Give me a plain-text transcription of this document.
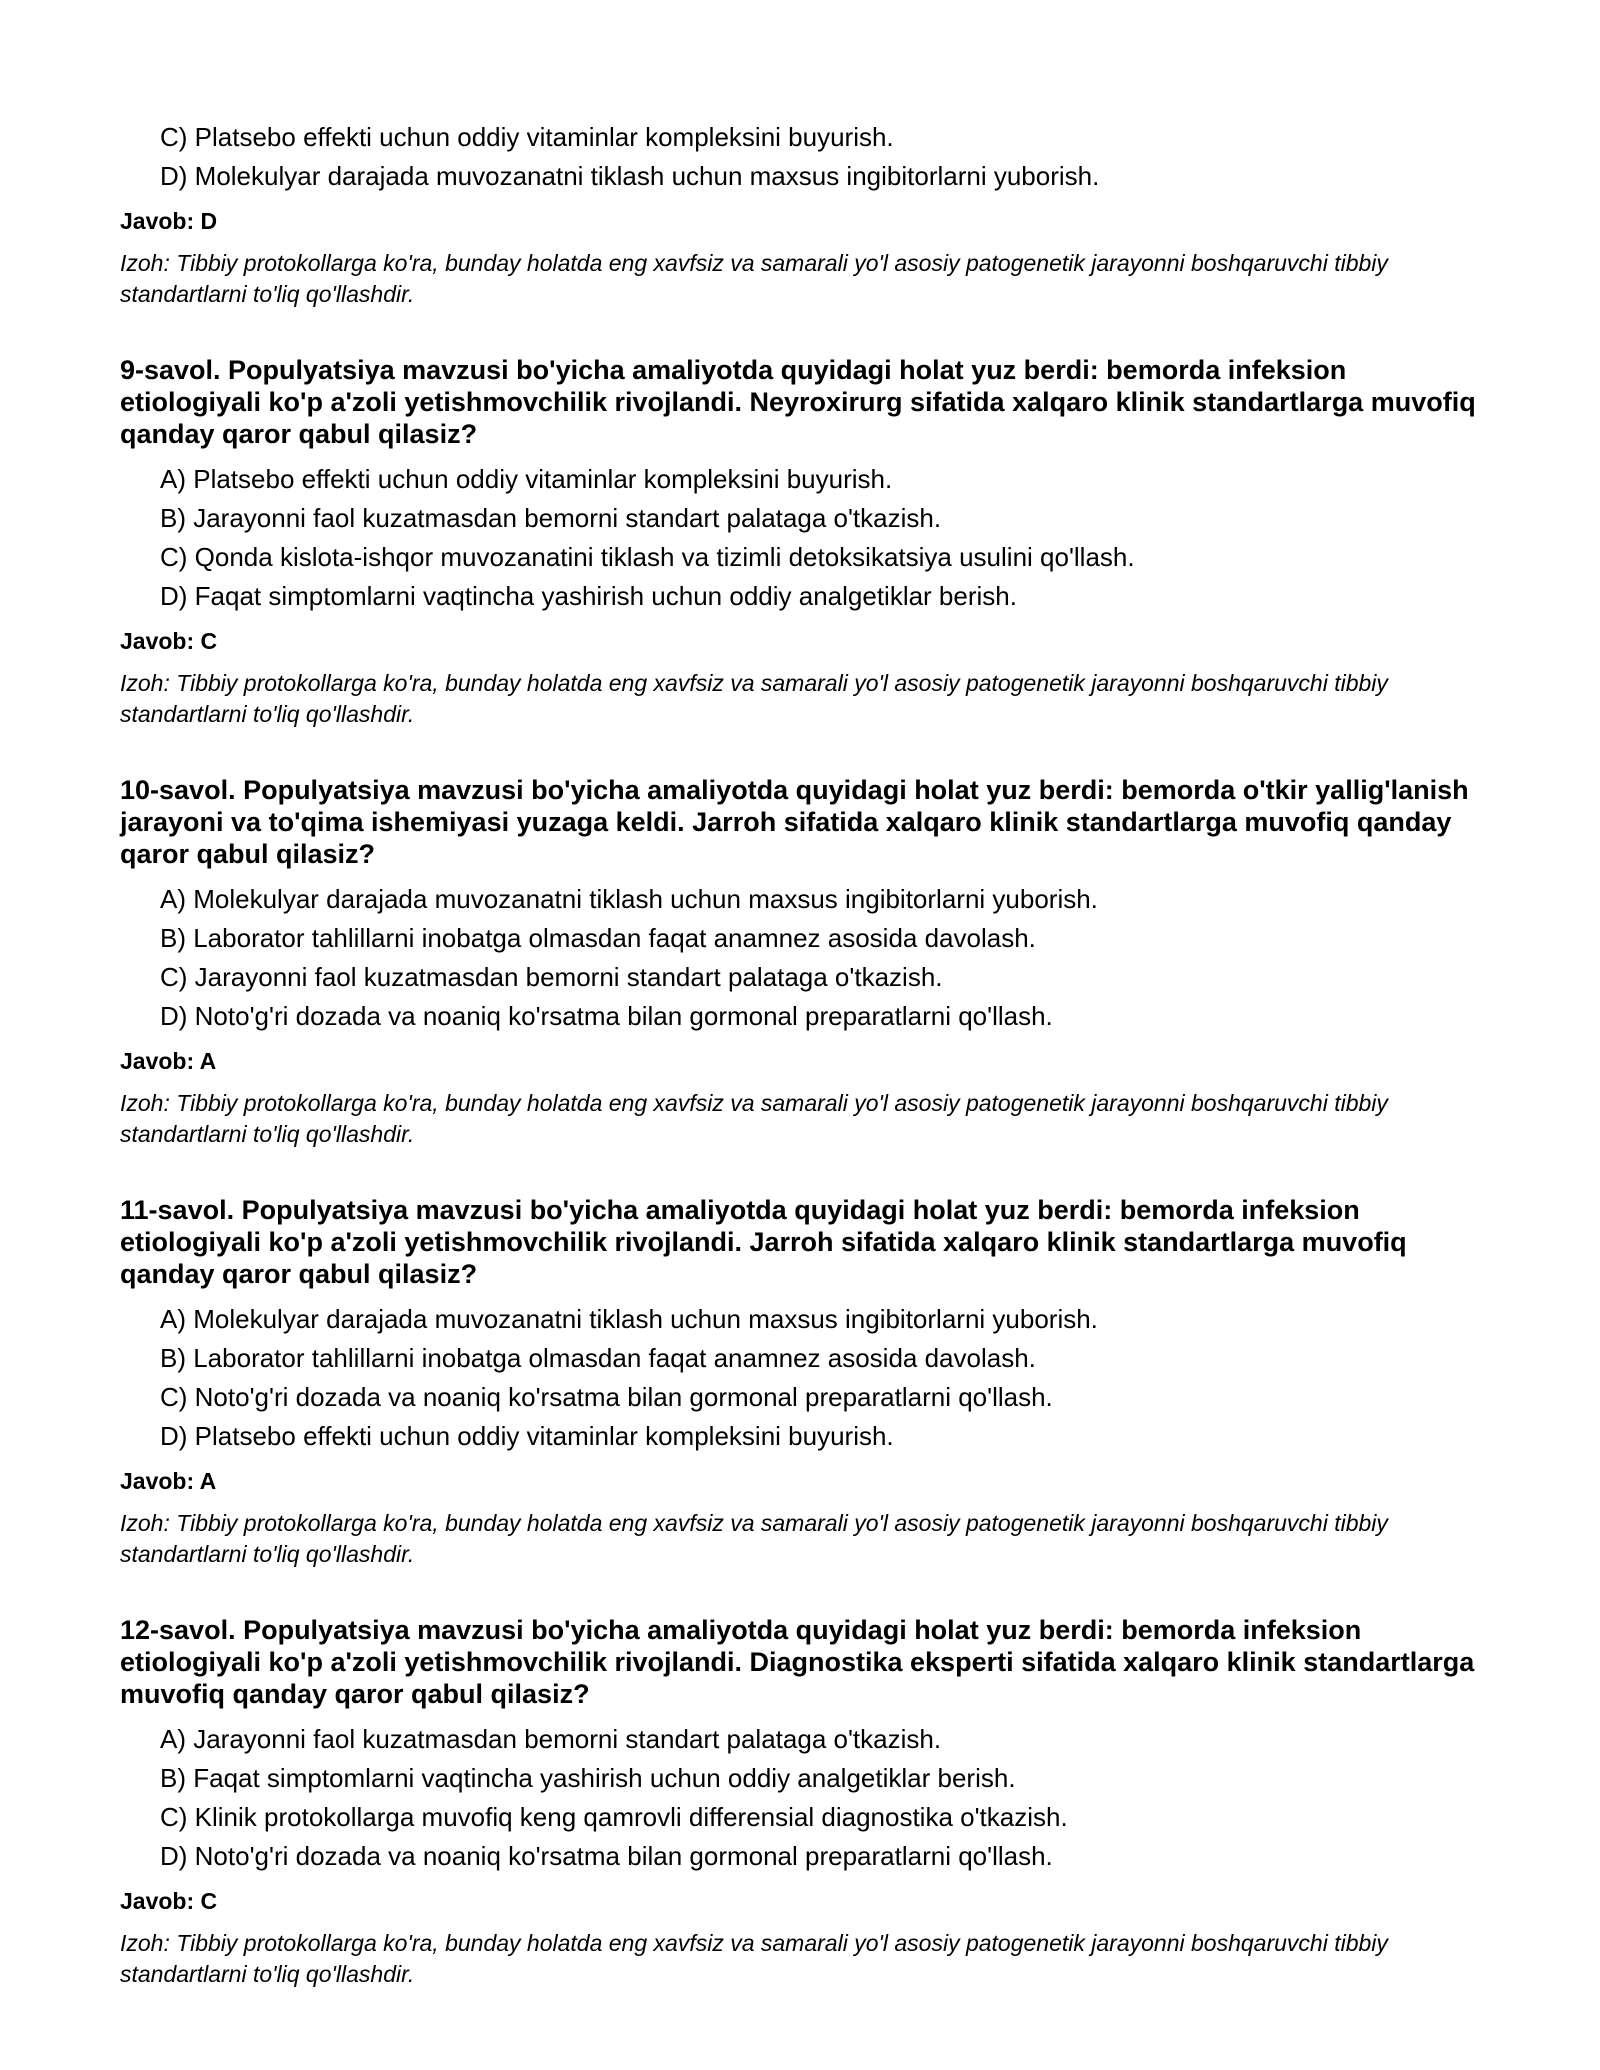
C) Platsebo effekti uchun oddiy vitaminlar kompleksini buyurish.
D) Molekulyar darajada muvozanatni tiklash uchun maxsus ingibitorlarni yuborish.
Javob: D
Izoh: Tibbiy protokollarga ko'ra, bunday holatda eng xavfsiz va samarali yo'l asosiy patogenetik jarayonni boshqaruvchi tibbiy standartlarni to'liq qo'llashdir.
9-savol. Populyatsiya mavzusi bo'yicha amaliyotda quyidagi holat yuz berdi: bemorda infeksion etiologiyali ko'p a'zoli yetishmovchilik rivojlandi. Neyroxirurg sifatida xalqaro klinik standartlarga muvofiq qanday qaror qabul qilasiz?
A) Platsebo effekti uchun oddiy vitaminlar kompleksini buyurish.
B) Jarayonni faol kuzatmasdan bemorni standart palataga o'tkazish.
C) Qonda kislota-ishqor muvozanatini tiklash va tizimli detoksikatsiya usulini qo'llash.
D) Faqat simptomlarni vaqtincha yashirish uchun oddiy analgetiklar berish.
Javob: C
Izoh: Tibbiy protokollarga ko'ra, bunday holatda eng xavfsiz va samarali yo'l asosiy patogenetik jarayonni boshqaruvchi tibbiy standartlarni to'liq qo'llashdir.
10-savol. Populyatsiya mavzusi bo'yicha amaliyotda quyidagi holat yuz berdi: bemorda o'tkir yallig'lanish jarayoni va to'qima ishemiyasi yuzaga keldi. Jarroh sifatida xalqaro klinik standartlarga muvofiq qanday qaror qabul qilasiz?
A) Molekulyar darajada muvozanatni tiklash uchun maxsus ingibitorlarni yuborish.
B) Laborator tahlillarni inobatga olmasdan faqat anamnez asosida davolash.
C) Jarayonni faol kuzatmasdan bemorni standart palataga o'tkazish.
D) Noto'g'ri dozada va noaniq ko'rsatma bilan gormonal preparatlarni qo'llash.
Javob: A
Izoh: Tibbiy protokollarga ko'ra, bunday holatda eng xavfsiz va samarali yo'l asosiy patogenetik jarayonni boshqaruvchi tibbiy standartlarni to'liq qo'llashdir.
11-savol. Populyatsiya mavzusi bo'yicha amaliyotda quyidagi holat yuz berdi: bemorda infeksion etiologiyali ko'p a'zoli yetishmovchilik rivojlandi. Jarroh sifatida xalqaro klinik standartlarga muvofiq qanday qaror qabul qilasiz?
A) Molekulyar darajada muvozanatni tiklash uchun maxsus ingibitorlarni yuborish.
B) Laborator tahlillarni inobatga olmasdan faqat anamnez asosida davolash.
C) Noto'g'ri dozada va noaniq ko'rsatma bilan gormonal preparatlarni qo'llash.
D) Platsebo effekti uchun oddiy vitaminlar kompleksini buyurish.
Javob: A
Izoh: Tibbiy protokollarga ko'ra, bunday holatda eng xavfsiz va samarali yo'l asosiy patogenetik jarayonni boshqaruvchi tibbiy standartlarni to'liq qo'llashdir.
12-savol. Populyatsiya mavzusi bo'yicha amaliyotda quyidagi holat yuz berdi: bemorda infeksion etiologiyali ko'p a'zoli yetishmovchilik rivojlandi. Diagnostika eksperti sifatida xalqaro klinik standartlarga muvofiq qanday qaror qabul qilasiz?
A) Jarayonni faol kuzatmasdan bemorni standart palataga o'tkazish.
B) Faqat simptomlarni vaqtincha yashirish uchun oddiy analgetiklar berish.
C) Klinik protokollarga muvofiq keng qamrovli differensial diagnostika o'tkazish.
D) Noto'g'ri dozada va noaniq ko'rsatma bilan gormonal preparatlarni qo'llash.
Javob: C
Izoh: Tibbiy protokollarga ko'ra, bunday holatda eng xavfsiz va samarali yo'l asosiy patogenetik jarayonni boshqaruvchi tibbiy standartlarni to'liq qo'llashdir.
